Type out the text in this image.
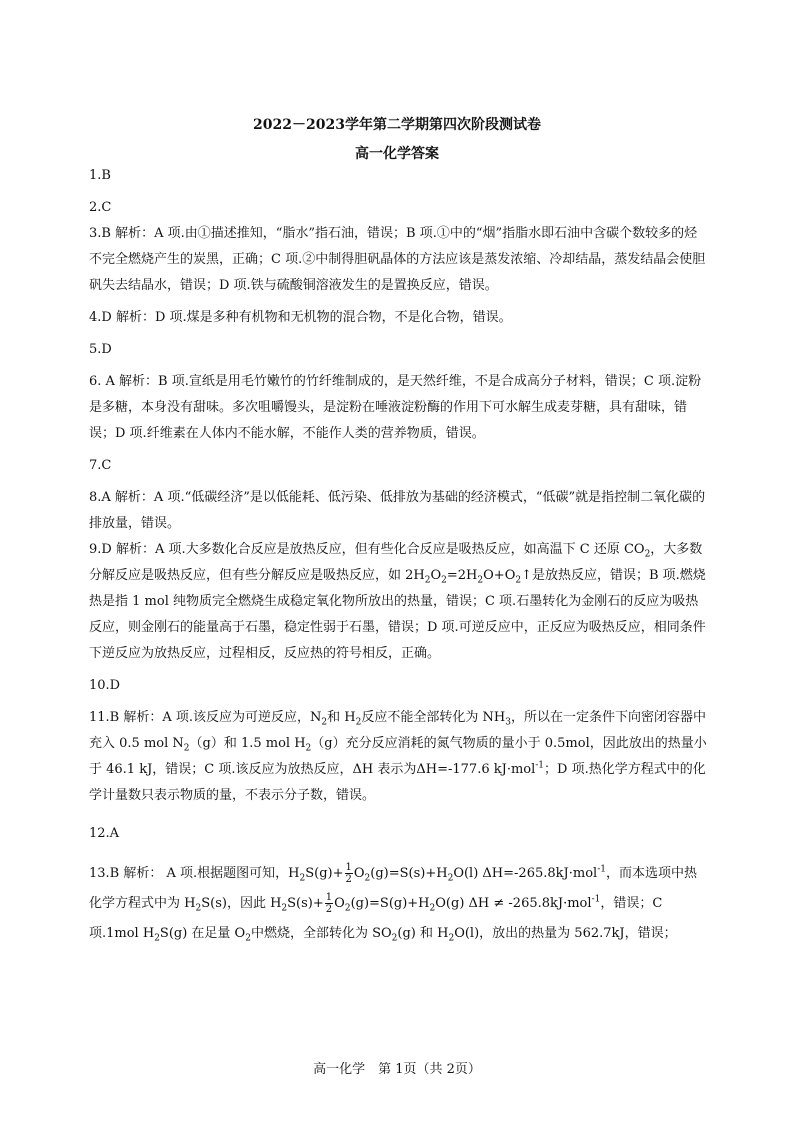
2022－2023学年第二学期第四次阶段测试卷

高一化学答案

1.B

2.C

3.B 解析：A 项.由①描述推知，“脂水”指石油，错误；B 项.①中的“烟”指脂水即石油中含碳个数较多的烃不完全燃烧产生的炭黑，正确；C 项.②中制得胆矾晶体的方法应该是蒸发浓缩、冷却结晶，蒸发结晶会使胆矾失去结晶水，错误；D 项.铁与硫酸铜溶液发生的是置换反应，错误。

4.D 解析：D 项.煤是多种有机物和无机物的混合物，不是化合物，错误。

5.D

6. A 解析：B 项.宣纸是用毛竹嫩竹的竹纤维制成的，是天然纤维，不是合成高分子材料，错误；C 项.淀粉是多糖，本身没有甜味。多次咀嚼馒头，是淀粉在唾液淀粉酶的作用下可水解生成麦芽糖，具有甜味，错误；D 项.纤维素在人体内不能水解，不能作人类的营养物质，错误。

7.C

8.A 解析：A 项.“低碳经济”是以低能耗、低污染、低排放为基础的经济模式，“低碳”就是指控制二氧化碳的排放量，错误。

9.D 解析：A 项.大多数化合反应是放热反应，但有些化合反应是吸热反应，如高温下 C 还原 $CO_2$，大多数分解反应是吸热反应，但有些分解反应是吸热反应，如 $2H_2O_2=2H_2O+O_2↑$是放热反应，错误；B 项.燃烧热是指 1 mol 纯物质完全燃烧生成稳定氧化物所放出的热量，错误；C 项.石墨转化为金刚石的反应为吸热反应，则金刚石的能量高于石墨，稳定性弱于石墨，错误；D 项.可逆反应中，正反应为吸热反应，相同条件下逆反应为放热反应，过程相反，反应热的符号相反，正确。

10.D

11.B 解析：A 项.该反应为可逆反应，$N_2$和 $H_2$反应不能全部转化为 $NH_3$，所以在一定条件下向密闭容器中充入 0.5 mol $N_2(g)$和 1.5 mol $H_2(g)$充分反应消耗的氮气物质的量小于 0.5mol，因此放出的热量小于 46.1 kJ，错误；C 项.该反应为放热反应，ΔH 表示为ΔH=-177.6 kJ·mol$^{-1}$；D 项.热化学方程式中的化学计量数只表示物质的量，不表示分子数，错误。

12.A

13.B 解析： A 项.根据题图可知，$H_2S(g)+ \frac{1}{2} O_2(g)=S(s)+H_2O(l)$ ΔH=-265.8kJ·mol$^{-1}$，而本选项中热化学方程式中为 $H_2S(s)$，因此 $H_2S(s)+ \frac{1}{2} O_2(g)=S(g)+H_2O(g) \Delta H \ne -265.8kJ\cdot mol^{-1}$，错误；C 项.1mol $H_2S(g)$ 在足量 $O_2$中燃烧，全部转化为 $SO_2(g)$ 和 $H_2O(l)$，放出的热量为 562.7kJ，错误；

高一化学　第 1页（共 2页）
